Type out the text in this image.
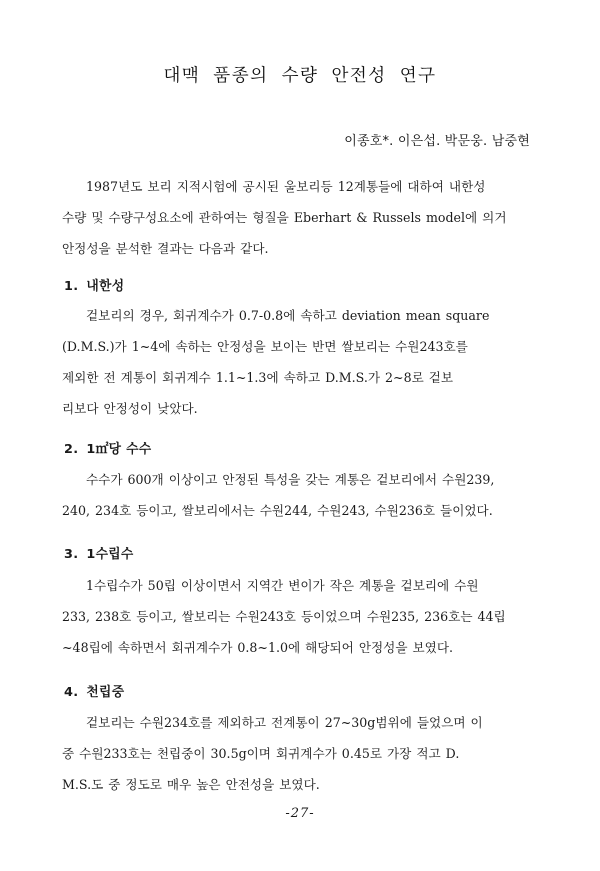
대맥 품종의 수량 안전성 연구
이종호*. 이은섭. 박문웅. 남중현
1987년도 보리 지적시험에 공시된 울보리등 12계통들에 대하여 내한성
수량 및 수량구성요소에 관하여는 형질을 Eberhart & Russels model에 의거
안정성을 분석한 결과는 다음과 같다.
1. 내한성
겉보리의 경우, 회귀계수가 0.7-0.8에 속하고 deviation mean square
(D.M.S.)가 1~4에 속하는 안정성을 보이는 반면 쌀보리는 수원243호를
제외한 전 계통이 회귀계수 1.1~1.3에 속하고 D.M.S.가 2~8로 겉보
리보다 안정성이 낮았다.
2. 1㎡당 수수
수수가 600개 이상이고 안정된 특성을 갖는 계통은 겉보리에서 수원239,
240, 234호 등이고, 쌀보리에서는 수원244, 수원243, 수원236호 들이었다.
3. 1수립수
1수립수가 50립 이상이면서 지역간 변이가 작은 계통을 겉보리에 수원
233, 238호 등이고, 쌀보리는 수원243호 등이었으며 수원235, 236호는 44립
~48립에 속하면서 회귀계수가 0.8~1.0에 해당되어 안정성을 보였다.
4. 천립중
겉보리는 수원234호를 제외하고 전계통이 27~30g범위에 들었으며 이
중 수원233호는 천립중이 30.5g이며 회귀계수가 0.45로 가장 적고 D.
M.S.도 중 정도로 매우 높은 안전성을 보였다.
-27-
